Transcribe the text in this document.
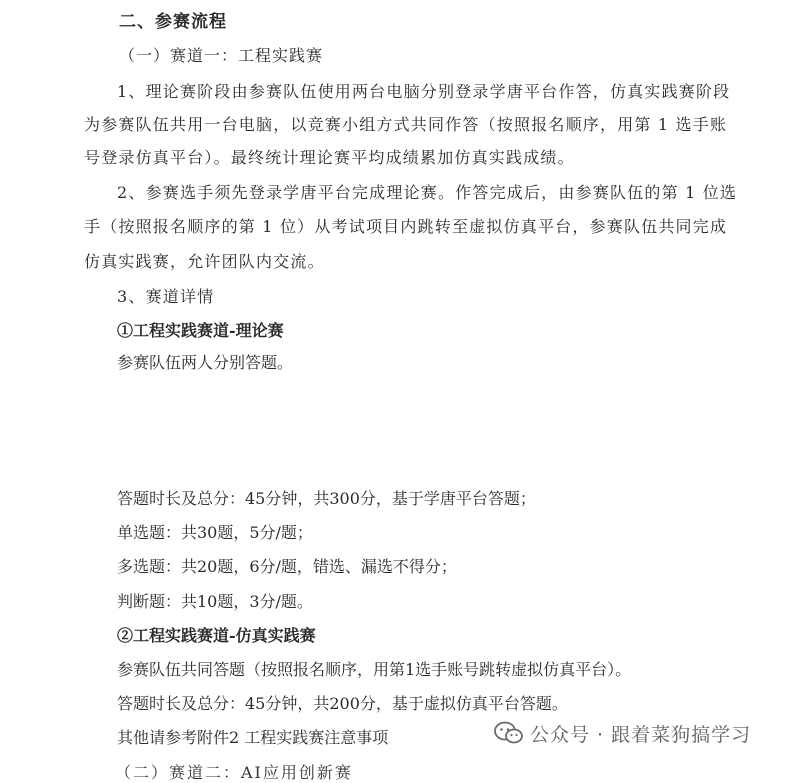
二、参赛流程
（一）赛道一：工程实践赛
1、理论赛阶段由参赛队伍使用两台电脑分别登录学唐平台作答，仿真实践赛阶段
为参赛队伍共用一台电脑，以竞赛小组方式共同作答（按照报名顺序，用第 1 选手账
号登录仿真平台）。最终统计理论赛平均成绩累加仿真实践成绩。
2、参赛选手须先登录学唐平台完成理论赛。作答完成后，由参赛队伍的第 1 位选
手（按照报名顺序的第 1 位）从考试项目内跳转至虚拟仿真平台，参赛队伍共同完成
仿真实践赛，允许团队内交流。
3、赛道详情
①工程实践赛道-理论赛
参赛队伍两人分别答题。
答题时长及总分：45分钟，共300分，基于学唐平台答题；
单选题：共30题，5分/题；
多选题：共20题，6分/题，错选、漏选不得分；
判断题：共10题，3分/题。
②工程实践赛道-仿真实践赛
参赛队伍共同答题（按照报名顺序，用第1选手账号跳转虚拟仿真平台）。
答题时长及总分：45分钟，共200分，基于虚拟仿真平台答题。
其他请参考附件2 工程实践赛注意事项
（二）赛道二：AI应用创新赛
公众号 · 跟着菜狗搞学习
